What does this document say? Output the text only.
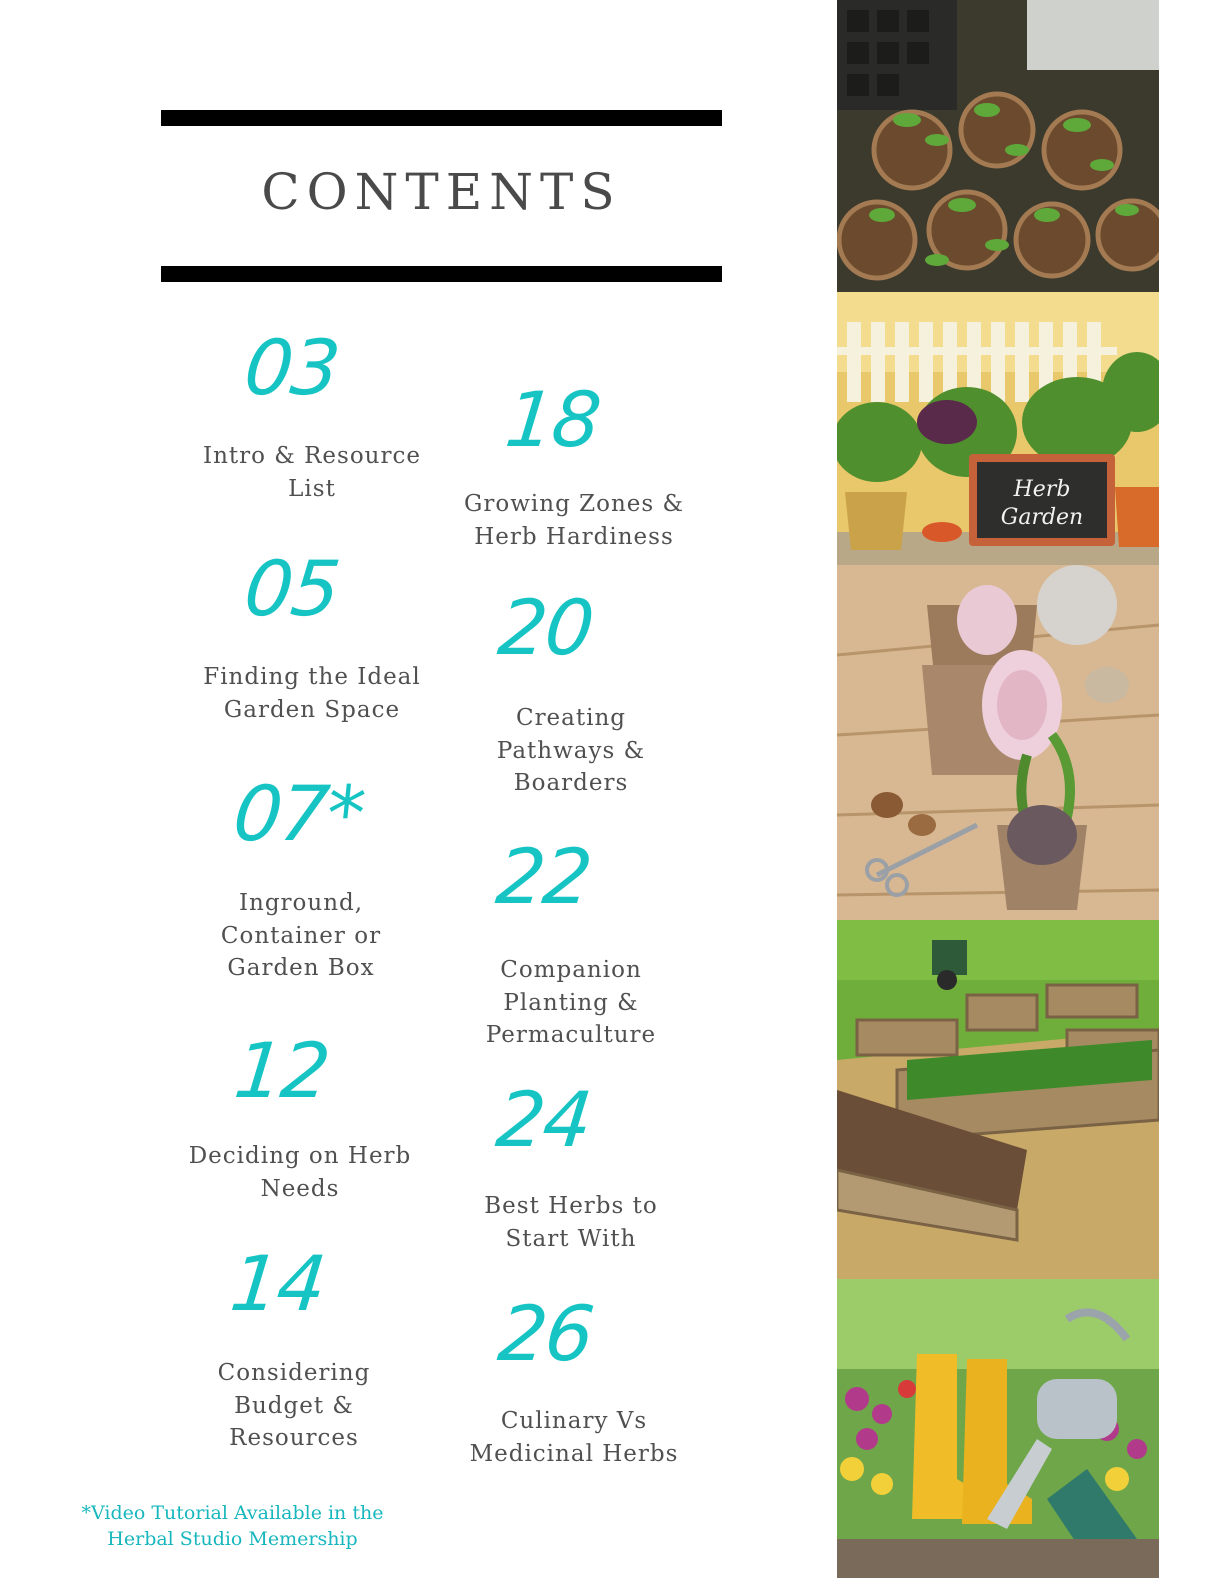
CONTENTS
03
Intro & Resource
List
05
Finding the Ideal
Garden Space
07*
Inground,
Container or
Garden Box
12
Deciding on Herb
Needs
14
Considering
Budget &
Resources
18
Growing Zones &
Herb Hardiness
20
Creating
Pathways &
Boarders
22
Companion
Planting &
Permaculture
24
Best Herbs to
Start With
26
Culinary Vs
Medicinal Herbs
*Video Tutorial Available in the
Herbal Studio Memership
Herb
Garden
